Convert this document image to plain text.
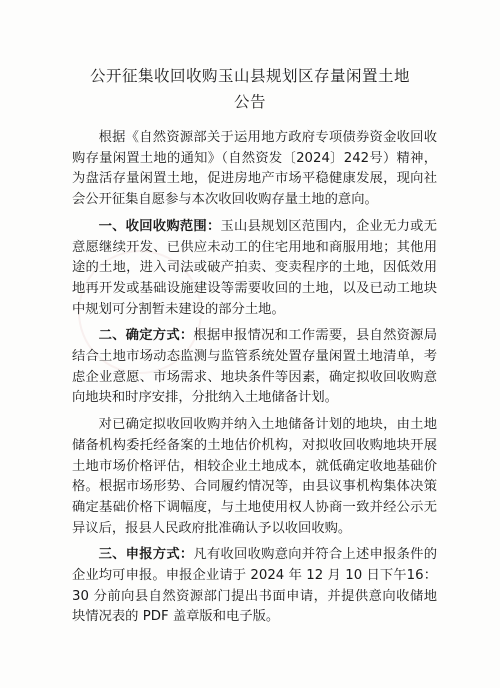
公开征集收回收购玉山县规划区存量闲置土地
公告

根据《自然资源部关于运用地方政府专项债券资金收回收购存量闲置土地的通知》（自然资发〔2024〕242号）精神，为盘活存量闲置土地，促进房地产市场平稳健康发展，现向社会公开征集自愿参与本次收回收购存量土地的意向。

一、收回收购范围：玉山县规划区范围内，企业无力或无意愿继续开发、已供应未动工的住宅用地和商服用地；其他用途的土地，进入司法或破产拍卖、变卖程序的土地，因低效用地再开发或基础设施建设等需要收回的土地，以及已动工地块中规划可分割暂未建设的部分土地。

二、确定方式：根据申报情况和工作需要，县自然资源局结合土地市场动态监测与监管系统处置存量闲置土地清单，考虑企业意愿、市场需求、地块条件等因素，确定拟收回收购意向地块和时序安排，分批纳入土地储备计划。

对已确定拟收回收购并纳入土地储备计划的地块，由土地储备机构委托经备案的土地估价机构，对拟收回收购地块开展土地市场价格评估，相较企业土地成本，就低确定收地基础价格。根据市场形势、合同履约情况等，由县议事机构集体决策确定基础价格下调幅度，与土地使用权人协商一致并经公示无异议后，报县人民政府批准确认予以收回收购。

三、申报方式：凡有收回收购意向并符合上述申报条件的企业均可申报。申报企业请于 2024 年 12 月 10 日下午16：30 分前向县自然资源部门提出书面申请，并提供意向收储地块情况表的 PDF 盖章版和电子版。
